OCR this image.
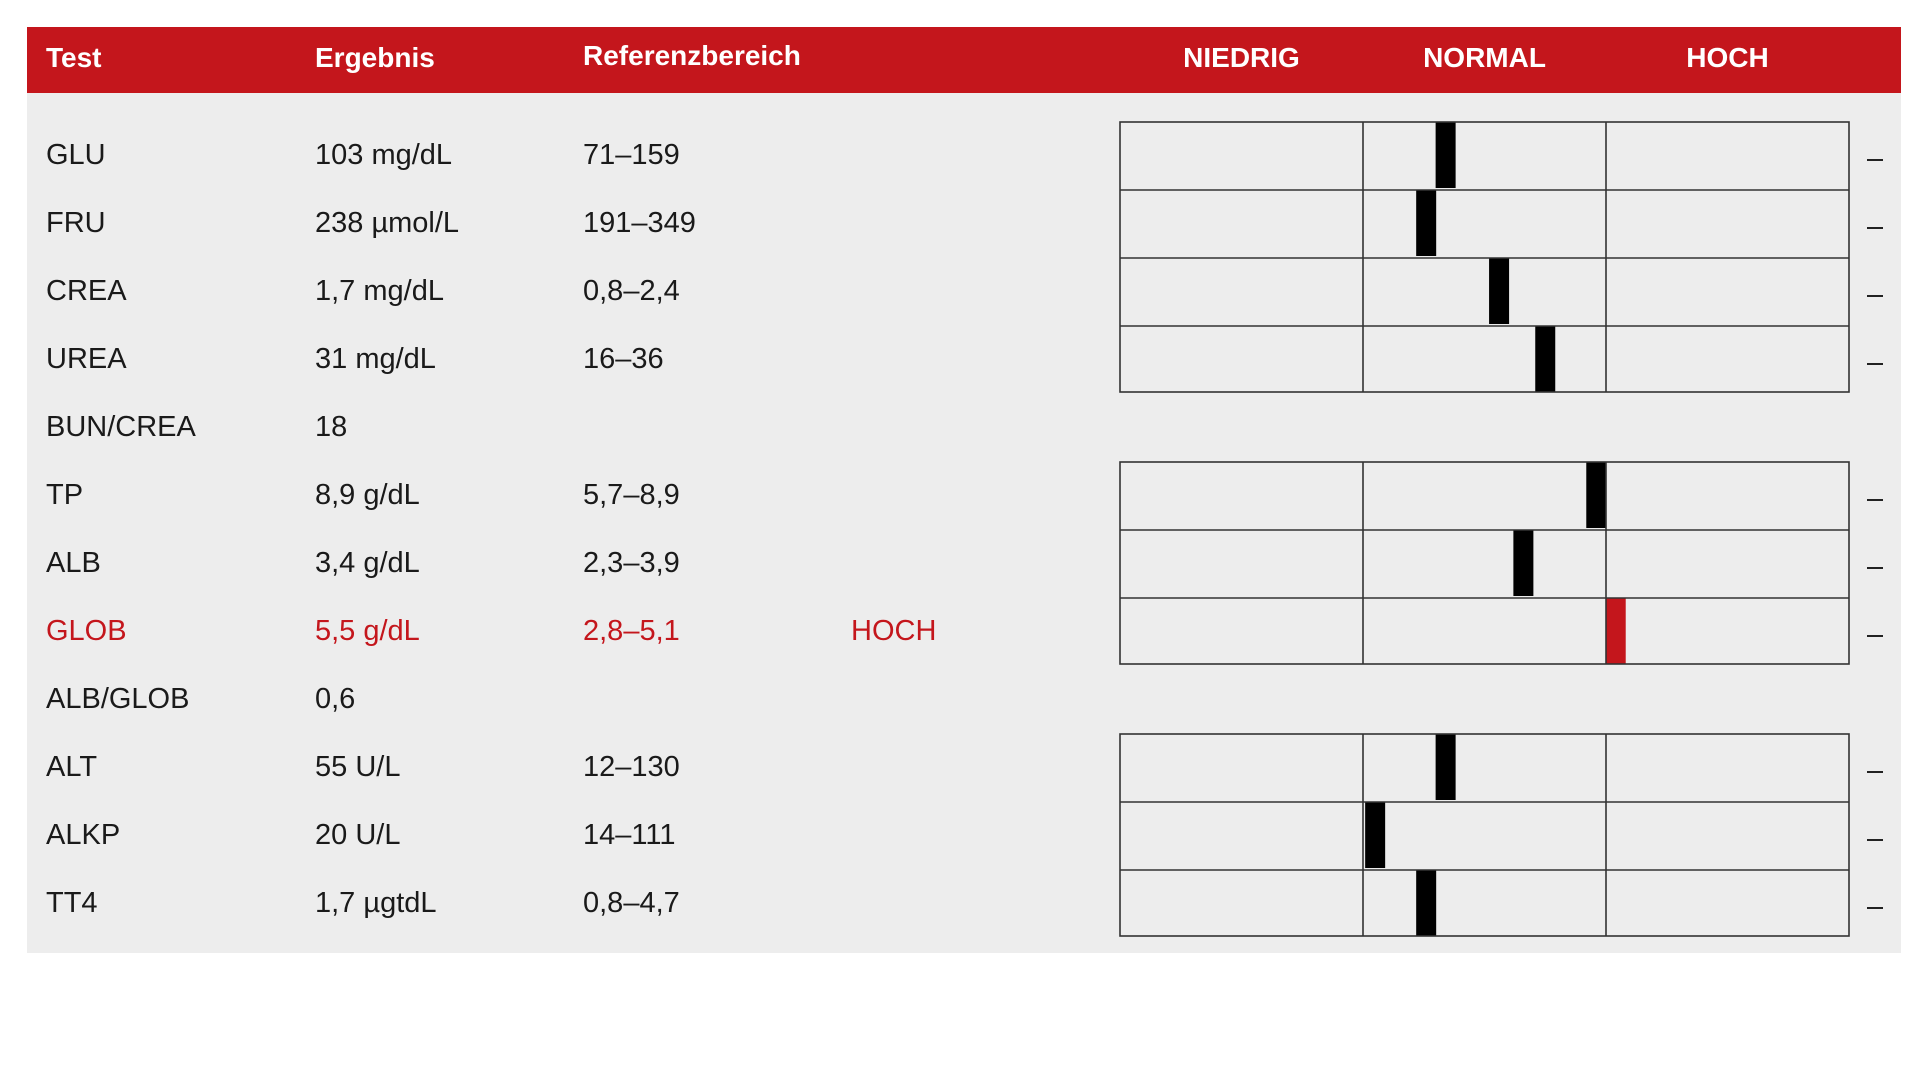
Test	Ergebnis	Referenzbereich	NIEDRIG	NORMAL	HOCH
GLU	103 mg/dL	71–159
FRU	238 µmol/L	191–349
CREA	1,7 mg/dL	0,8–2,4
UREA	31 mg/dL	16–36
BUN/CREA	18
TP	8,9 g/dL	5,7–8,9
ALB	3,4 g/dL	2,3–3,9
GLOB	5,5 g/dL	2,8–5,1	HOCH
ALB/GLOB	0,6
ALT	55 U/L	12–130
ALKP	20 U/L	14–111
TT4	1,7 µgtdL	0,8–4,7
